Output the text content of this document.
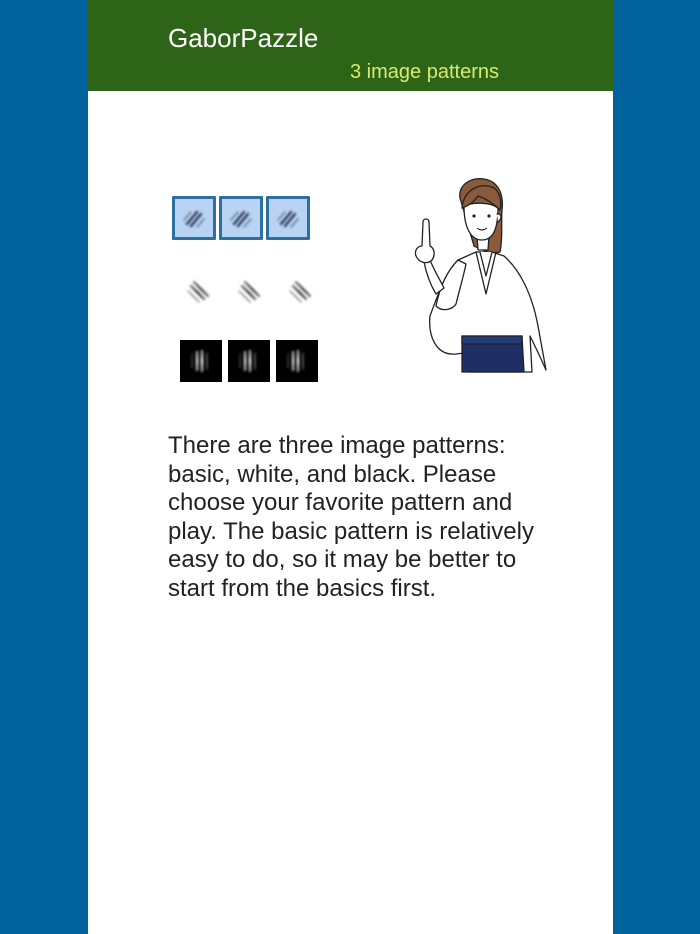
GaborPazzle
3 image patterns
There are three image patterns: basic, white, and black. Please choose your favorite pattern and play. The basic pattern is relatively easy to do, so it may be better to start from the basics first.
